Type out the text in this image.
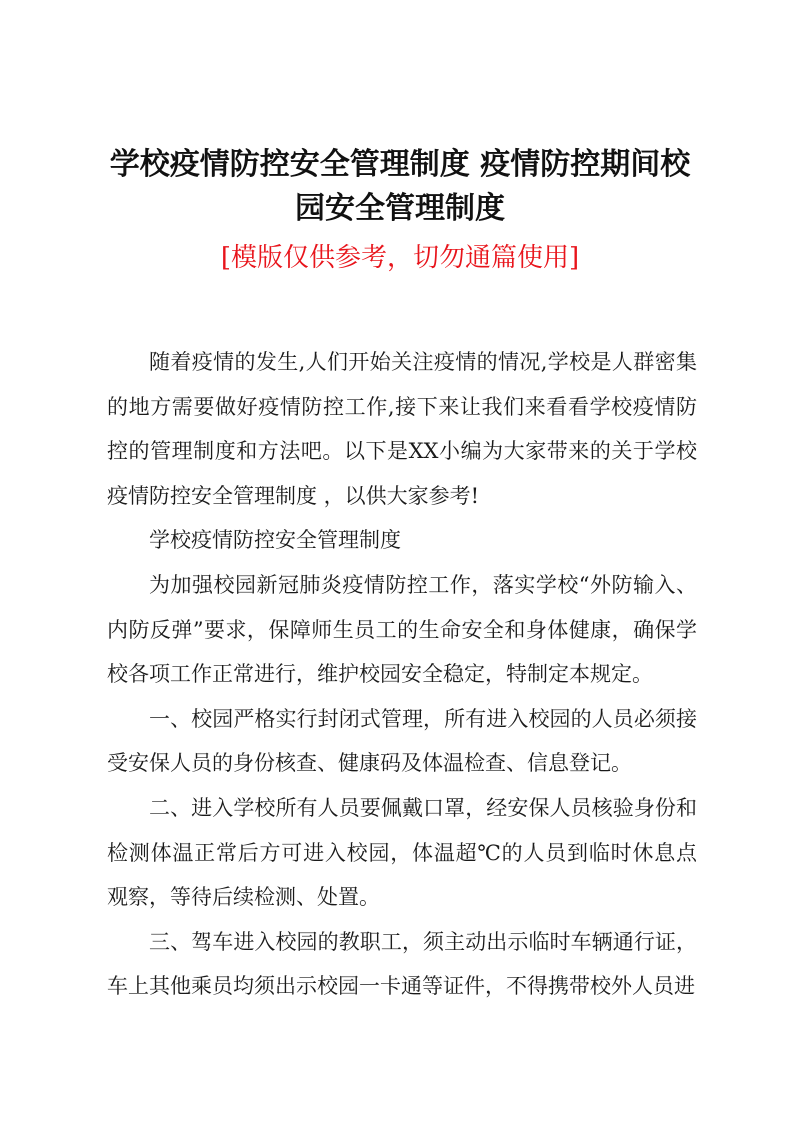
学校疫情防控安全管理制度 疫情防控期间校
园安全管理制度
[模版仅供参考，切勿通篇使用]

随着疫情的发生,人们开始关注疫情的情况,学校是人群密集的地方需要做好疫情防控工作,接下来让我们来看看学校疫情防控的管理制度和方法吧。以下是XX小编为大家带来的关于学校疫情防控安全管理制度 ，以供大家参考!

学校疫情防控安全管理制度

为加强校园新冠肺炎疫情防控工作，落实学校“外防输入、内防反弹”要求，保障师生员工的生命安全和身体健康，确保学校各项工作正常进行，维护校园安全稳定，特制定本规定。

一、校园严格实行封闭式管理，所有进入校园的人员必须接受安保人员的身份核查、健康码及体温检查、信息登记。

二、进入学校所有人员要佩戴口罩，经安保人员核验身份和检测体温正常后方可进入校园，体温超℃的人员到临时休息点观察，等待后续检测、处置。

三、驾车进入校园的教职工，须主动出示临时车辆通行证，车上其他乘员均须出示校园一卡通等证件，不得携带校外人员进
